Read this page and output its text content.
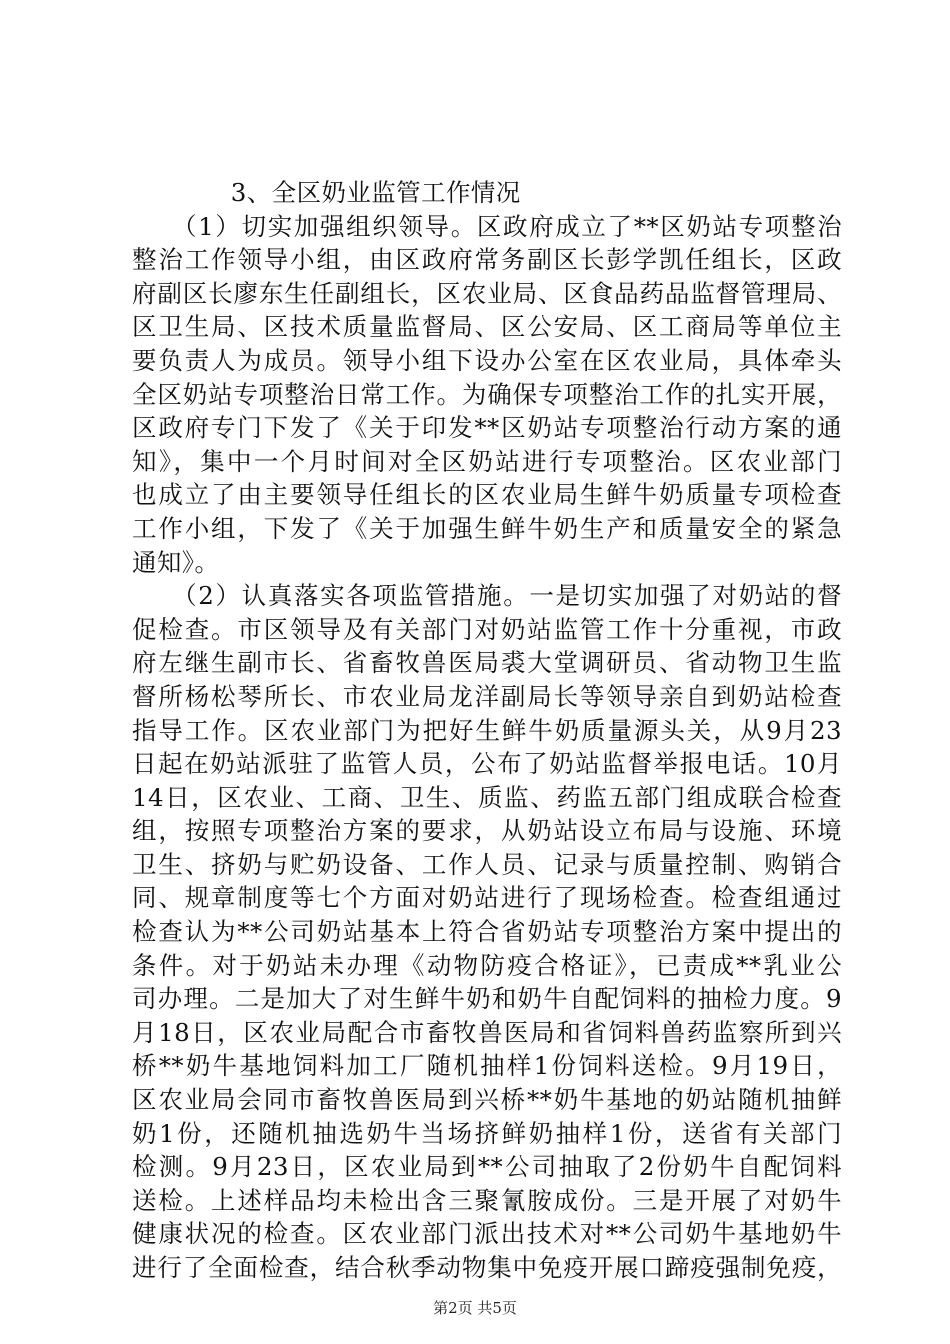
　　3、全区奶业监管工作情况
　　（1）切实加强组织领导。区政府成立了**区奶站专项整治
整治工作领导小组，由区政府常务副区长彭学凯任组长，区政
府副区长廖东生任副组长，区农业局、区食品药品监督管理局、
区卫生局、区技术质量监督局、区公安局、区工商局等单位主
要负责人为成员。领导小组下设办公室在区农业局，具体牵头
全区奶站专项整治日常工作。为确保专项整治工作的扎实开展，
区政府专门下发了《关于印发**区奶站专项整治行动方案的通
知》，集中一个月时间对全区奶站进行专项整治。区农业部门
也成立了由主要领导任组长的区农业局生鲜牛奶质量专项检查
工作小组，下发了《关于加强生鲜牛奶生产和质量安全的紧急
通知》。
　　（2）认真落实各项监管措施。一是切实加强了对奶站的督
促检查。市区领导及有关部门对奶站监管工作十分重视，市政
府左继生副市长、省畜牧兽医局裘大堂调研员、省动物卫生监
督所杨松琴所长、市农业局龙洋副局长等领导亲自到奶站检查
指导工作。区农业部门为把好生鲜牛奶质量源头关，从9月23
日起在奶站派驻了监管人员，公布了奶站监督举报电话。10月
14日，区农业、工商、卫生、质监、药监五部门组成联合检查
组，按照专项整治方案的要求，从奶站设立布局与设施、环境
卫生、挤奶与贮奶设备、工作人员、记录与质量控制、购销合
同、规章制度等七个方面对奶站进行了现场检查。检查组通过
检查认为**公司奶站基本上符合省奶站专项整治方案中提出的
条件。对于奶站未办理《动物防疫合格证》，已责成**乳业公
司办理。二是加大了对生鲜牛奶和奶牛自配饲料的抽检力度。9
月18日，区农业局配合市畜牧兽医局和省饲料兽药监察所到兴
桥**奶牛基地饲料加工厂随机抽样1份饲料送检。9月19日，
区农业局会同市畜牧兽医局到兴桥**奶牛基地的奶站随机抽鲜
奶1份，还随机抽选奶牛当场挤鲜奶抽样1份，送省有关部门
检测。9月23日，区农业局到**公司抽取了2份奶牛自配饲料
送检。上述样品均未检出含三聚氰胺成份。三是开展了对奶牛
健康状况的检查。区农业部门派出技术对**公司奶牛基地奶牛
进行了全面检查，结合秋季动物集中免疫开展口蹄疫强制免疫，
第2页 共5页
